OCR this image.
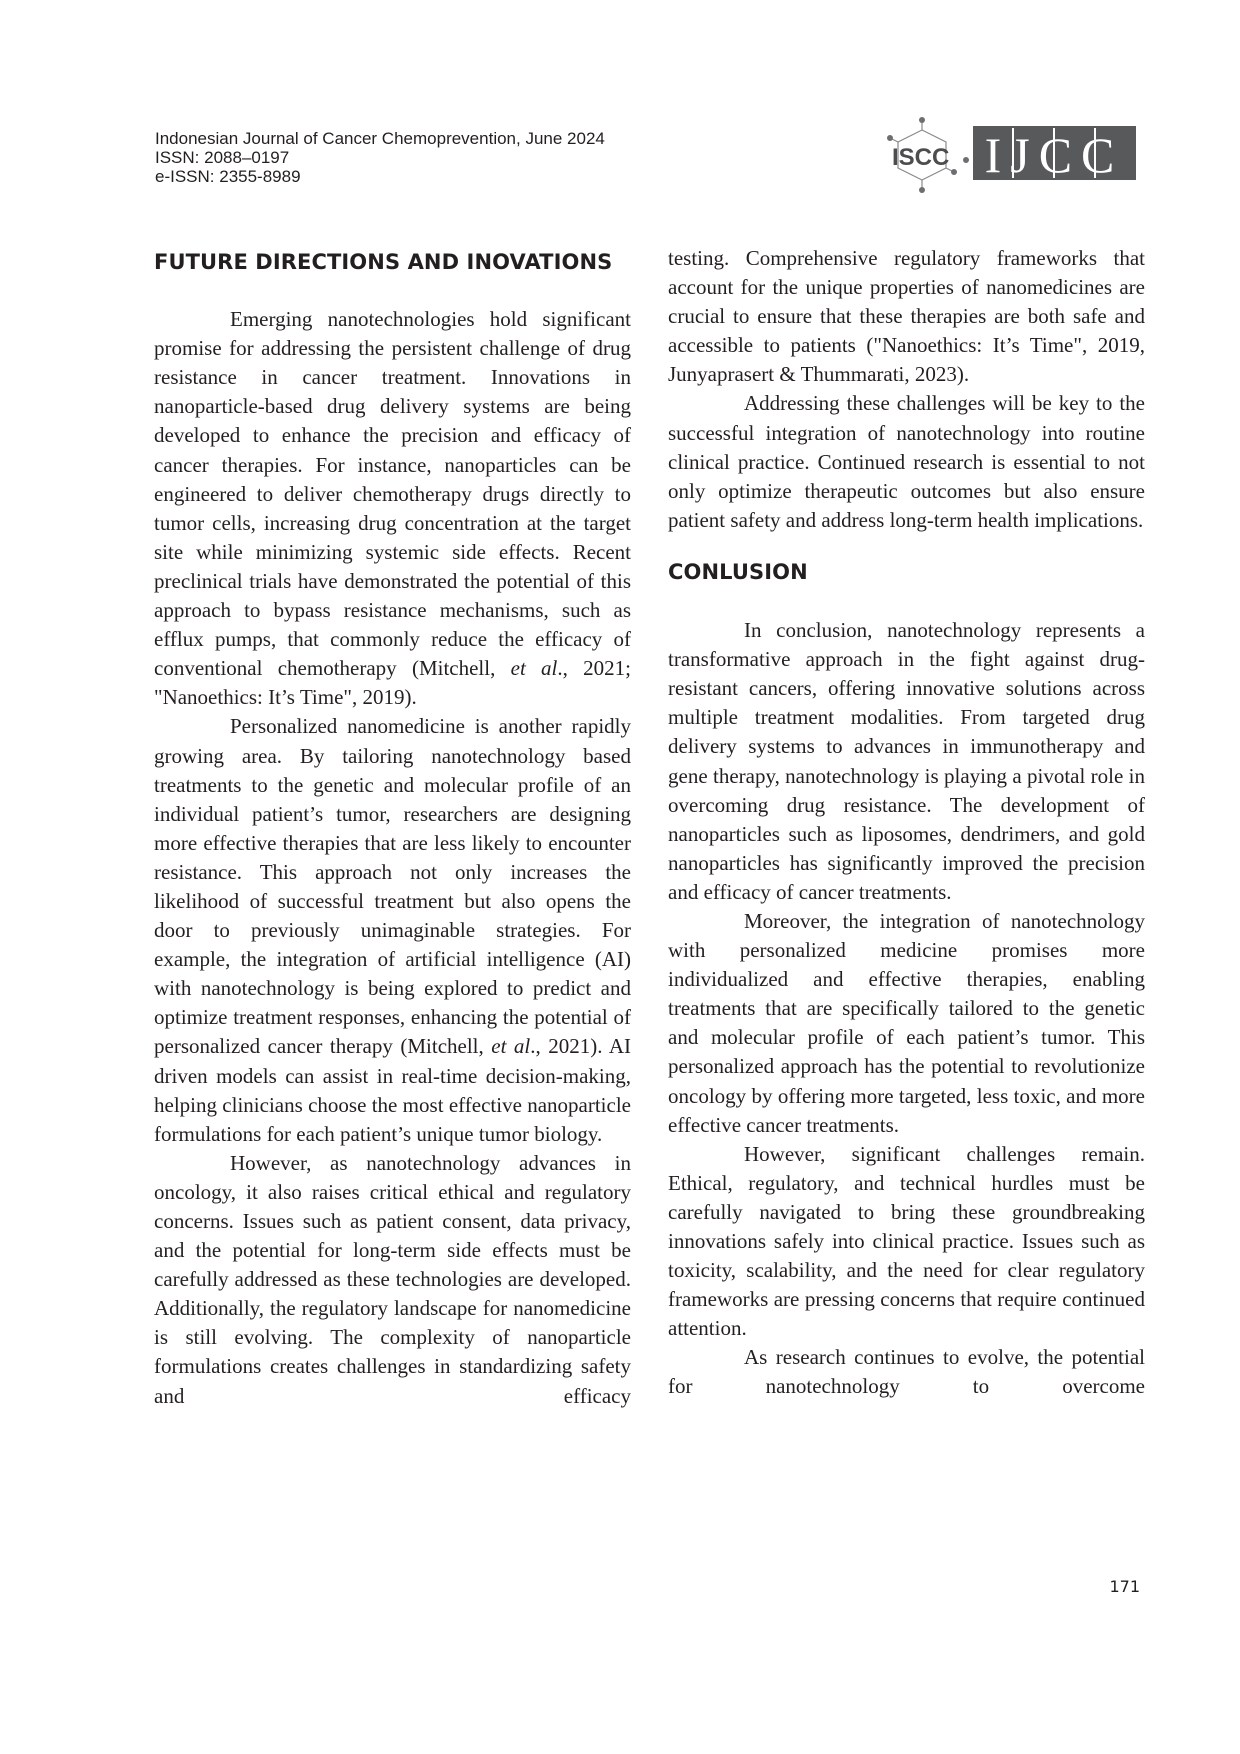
Indonesian Journal of Cancer Chemoprevention, June 2024
ISSN: 2088–0197
e-ISSN: 2355-8989
ISCC IJCC
FUTURE DIRECTIONS AND INOVATIONS

Emerging nanotechnologies hold significant promise for addressing the persistent challenge of drug resistance in cancer treatment. Innovations in nanoparticle-based drug delivery systems are being developed to enhance the precision and efficacy of cancer therapies. For instance, nanoparticles can be engineered to deliver chemotherapy drugs directly to tumor cells, increasing drug concentration at the target site while minimizing systemic side effects. Recent preclinical trials have demonstrated the potential of this approach to bypass resistance mechanisms, such as efflux pumps, that commonly reduce the efficacy of conventional chemotherapy (Mitchell, et al., 2021; "Nanoethics: It’s Time", 2019).

Personalized nanomedicine is another rapidly growing area. By tailoring nanotechnology based treatments to the genetic and molecular profile of an individual patient’s tumor, researchers are designing more effective therapies that are less likely to encounter resistance. This approach not only increases the likelihood of successful treatment but also opens the door to previously unimaginable strategies. For example, the integration of artificial intelligence (AI) with nanotechnology is being explored to predict and optimize treatment responses, enhancing the potential of personalized cancer therapy (Mitchell, et al., 2021). AI driven models can assist in real-time decision-making, helping clinicians choose the most effective nanoparticle formulations for each patient’s unique tumor biology.

However, as nanotechnology advances in oncology, it also raises critical ethical and regulatory concerns. Issues such as patient consent, data privacy, and the potential for long-term side effects must be carefully addressed as these technologies are developed. Additionally, the regulatory landscape for nanomedicine is still evolving. The complexity of nanoparticle formulations creates challenges in standardizing safety and efficacy

testing. Comprehensive regulatory frameworks that account for the unique properties of nanomedicines are crucial to ensure that these therapies are both safe and accessible to patients ("Nanoethics: It’s Time", 2019, Junyaprasert & Thummarati, 2023).

Addressing these challenges will be key to the successful integration of nanotechnology into routine clinical practice. Continued research is essential to not only optimize therapeutic outcomes but also ensure patient safety and address long-term health implications.

CONLUSION

In conclusion, nanotechnology represents a transformative approach in the fight against drug-resistant cancers, offering innovative solutions across multiple treatment modalities. From targeted drug delivery systems to advances in immunotherapy and gene therapy, nanotechnology is playing a pivotal role in overcoming drug resistance. The development of nanoparticles such as liposomes, dendrimers, and gold nanoparticles has significantly improved the precision and efficacy of cancer treatments.

Moreover, the integration of nanotechnology with personalized medicine promises more individualized and effective therapies, enabling treatments that are specifically tailored to the genetic and molecular profile of each patient’s tumor. This personalized approach has the potential to revolutionize oncology by offering more targeted, less toxic, and more effective cancer treatments.

However, significant challenges remain. Ethical, regulatory, and technical hurdles must be carefully navigated to bring these groundbreaking innovations safely into clinical practice. Issues such as toxicity, scalability, and the need for clear regulatory frameworks are pressing concerns that require continued attention.

As research continues to evolve, the potential for nanotechnology to overcome

171
